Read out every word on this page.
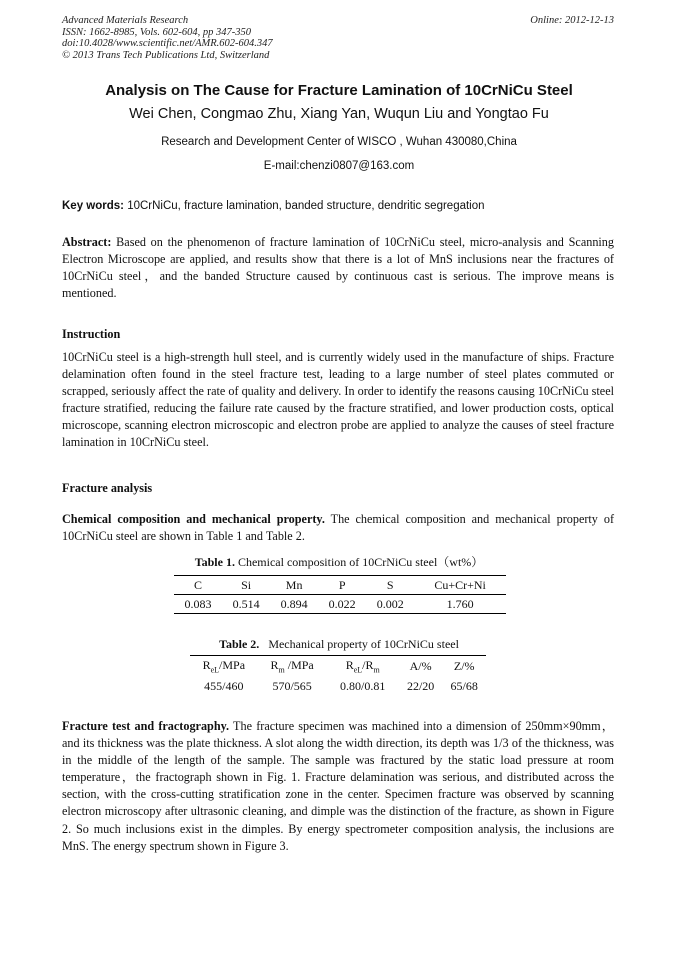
Advanced Materials Research
ISSN: 1662-8985, Vols. 602-604, pp 347-350
doi:10.4028/www.scientific.net/AMR.602-604.347
© 2013 Trans Tech Publications Ltd, Switzerland
Online: 2012-12-13
Analysis on The Cause for Fracture Lamination of 10CrNiCu Steel
Wei Chen, Congmao Zhu, Xiang Yan, Wuqun Liu and Yongtao Fu
Research and Development Center of WISCO , Wuhan 430080,China
E-mail:chenzi0807@163.com
Key words: 10CrNiCu, fracture lamination, banded structure, dendritic segregation
Abstract: Based on the phenomenon of fracture lamination of 10CrNiCu steel, micro-analysis and Scanning Electron Microscope are applied, and results show that there is a lot of MnS inclusions near the fractures of 10CrNiCu steel，and the banded Structure caused by continuous cast is serious. The improve means is mentioned.
Instruction
10CrNiCu steel is a high-strength hull steel, and is currently widely used in the manufacture of ships. Fracture delamination often found in the steel fracture test, leading to a large number of steel plates commuted or scrapped, seriously affect the rate of quality and delivery. In order to identify the reasons causing 10CrNiCu steel fracture stratified, reducing the failure rate caused by the fracture stratified, and lower production costs, optical microscope, scanning electron microscopic and electron probe are applied to analyze the causes of steel fracture lamination in 10CrNiCu steel.
Fracture analysis
Chemical composition and mechanical property. The chemical composition and mechanical property of 10CrNiCu steel are shown in Table 1 and Table 2.
Table 1. Chemical composition of 10CrNiCu steel（wt%）
C	Si	Mn	P	S	Cu+Cr+Ni
0.083	0.514	0.894	0.022	0.002	1.760
Table 2. Mechanical property of 10CrNiCu steel
$R_{eL}$/MPa	$R_m$ /MPa	$R_{eL}/R_m$	A/%	Z/%
455/460	570/565	0.80/0.81	22/20	65/68
Fracture test and fractography. The fracture specimen was machined into a dimension of 250mm×90mm，and its thickness was the plate thickness. A slot along the width direction, its depth was 1/3 of the thickness, was in the middle of the length of the sample. The sample was fractured by the static load pressure at room temperature，the fractograph shown in Fig. 1. Fracture delamination was serious, and distributed across the section, with the cross-cutting stratification zone in the center. Specimen fracture was observed by scanning electron microscopy after ultrasonic cleaning, and dimple was the distinction of the fracture, as shown in Figure 2. So much inclusions exist in the dimples. By energy spectrometer composition analysis, the inclusions are MnS. The energy spectrum shown in Figure 3.
